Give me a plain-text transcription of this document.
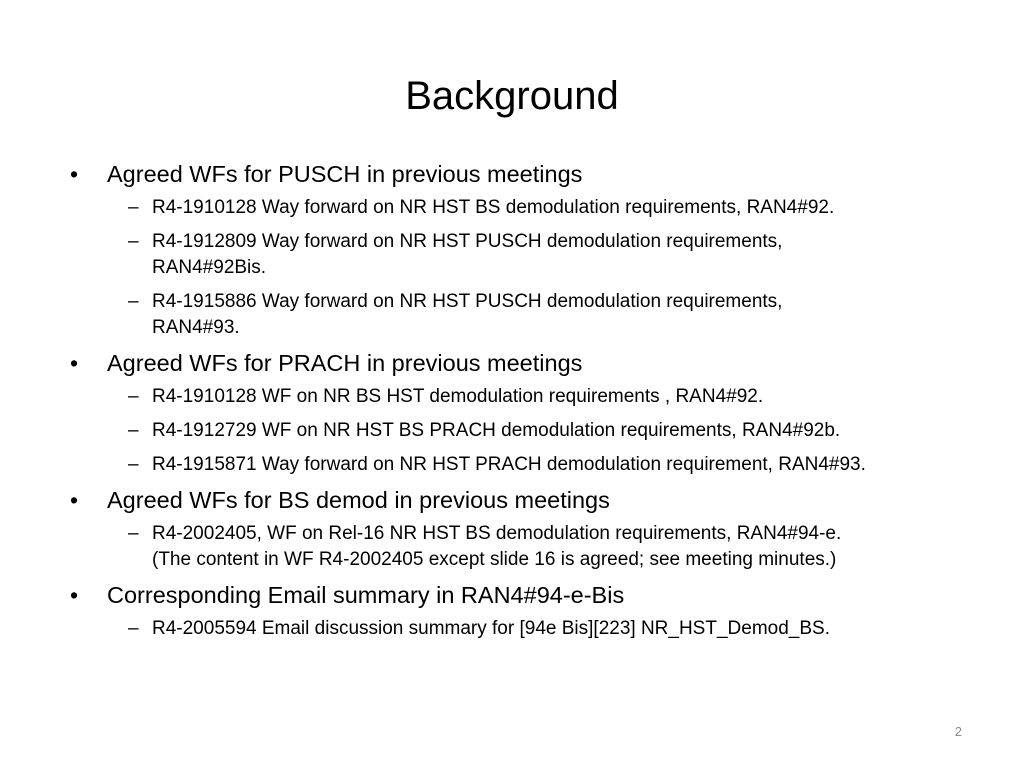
Background
• Agreed WFs for PUSCH in previous meetings
– R4-1910128 Way forward on NR HST BS demodulation requirements, RAN4#92.
– R4-1912809 Way forward on NR HST PUSCH demodulation requirements,
RAN4#92Bis.
– R4-1915886 Way forward on NR HST PUSCH demodulation requirements,
RAN4#93.
• Agreed WFs for PRACH in previous meetings
– R4-1910128 WF on NR BS HST demodulation requirements , RAN4#92.
– R4-1912729 WF on NR HST BS PRACH demodulation requirements, RAN4#92b.
– R4-1915871 Way forward on NR HST PRACH demodulation requirement, RAN4#93.
• Agreed WFs for BS demod in previous meetings
– R4-2002405, WF on Rel-16 NR HST BS demodulation requirements, RAN4#94-e.
(The content in WF R4-2002405 except slide 16 is agreed; see meeting minutes.)
• Corresponding Email summary in RAN4#94-e-Bis
– R4-2005594 Email discussion summary for [94e Bis][223] NR_HST_Demod_BS.
2
